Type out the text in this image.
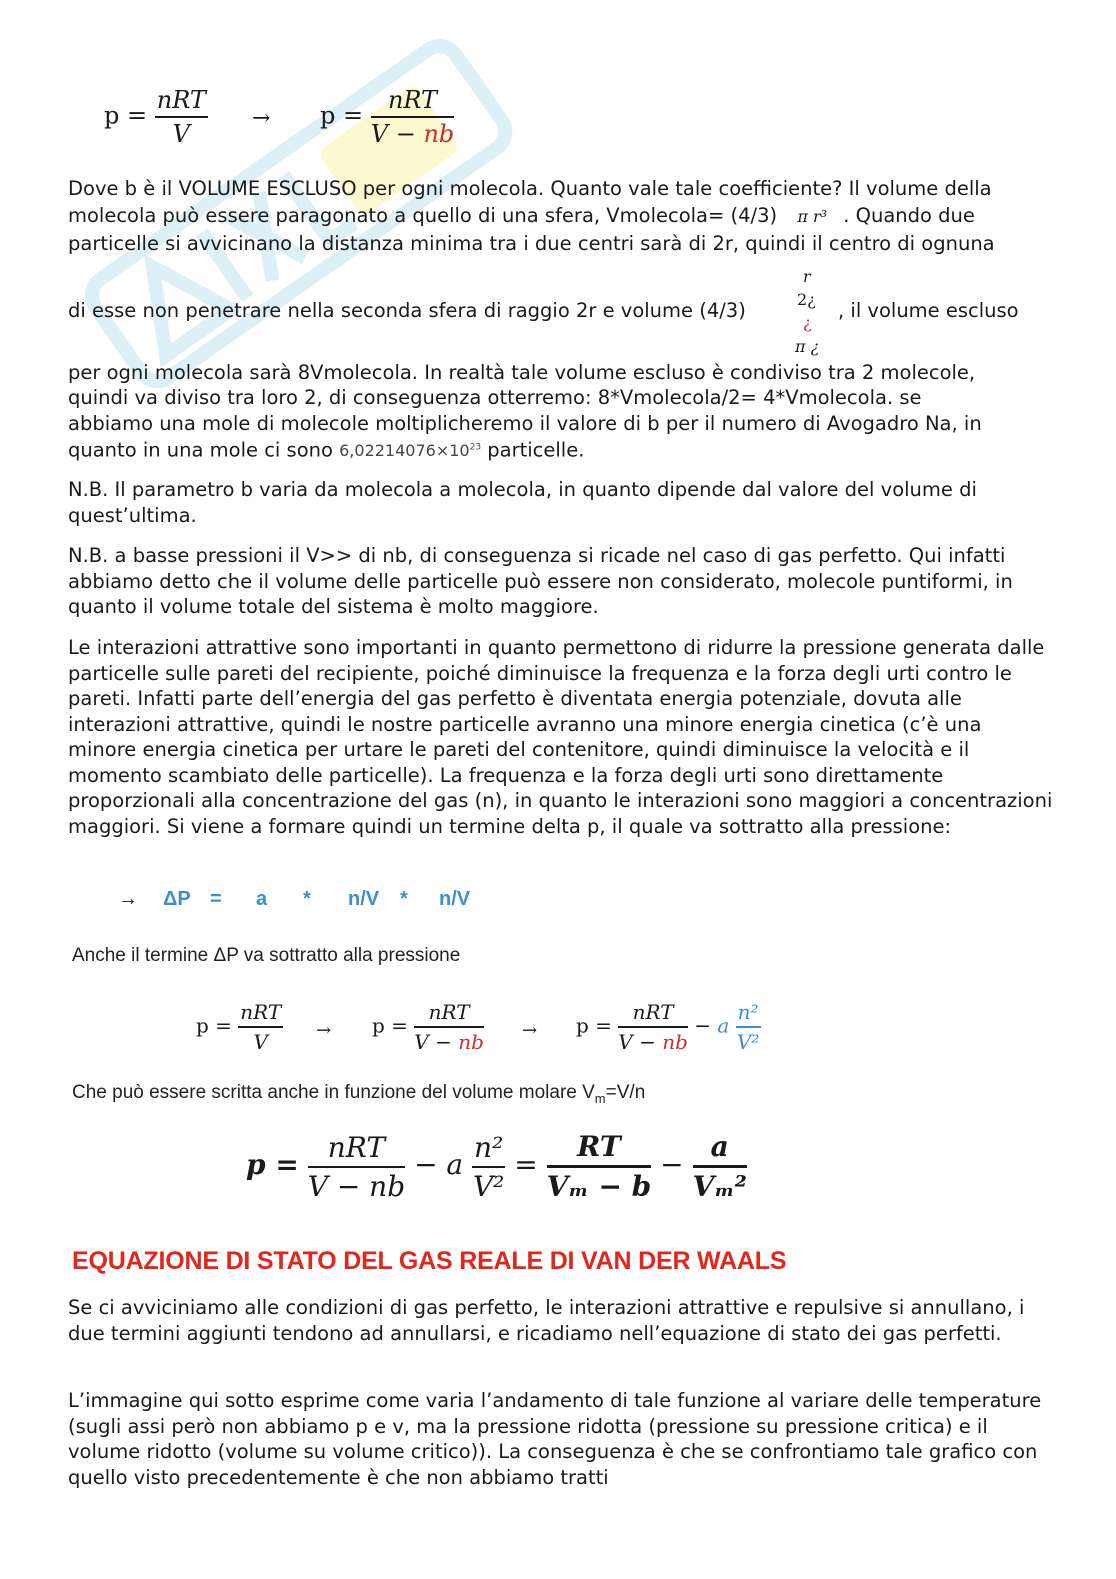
$p = \frac{\text{nRT}}{V} \to p = \frac{\text{nRT}}{V - nb}$

Dove b è il VOLUME ESCLUSO per ogni molecola. Quanto vale tale coefficiente? Il volume della

molecola può essere paragonato a quello di una sfera, Vmolecola= (4/3) π r³ . Quando due

particelle si avvicinano la distanza minima tra i due centri sarà di 2r, quindi il centro di ognuna

r

di esse non penetrare nella seconda sfera di raggio 2r e volume (4/3)	2¿
¿
π ¿

, il volume escluso

per ogni molecola sarà 8Vmolecola. In realtà tale volume escluso è condiviso tra 2 molecole,

quindi va diviso tra loro 2, di conseguenza otterremo: 8*Vmolecola/2= 4*Vmolecola. se

abbiamo una mole di molecole moltiplicheremo il valore di b per il numero di Avogadro Na, in

quanto in una mole ci sono $6,02214076\times 10^{23}$ particelle.

N.B. Il parametro b varia da molecola a molecola, in quanto dipende dal valore del volume di quest’ultima.

N.B. a basse pressioni il V>> di nb, di conseguenza si ricade nel caso di gas perfetto. Qui infatti abbiamo detto che il volume delle particelle può essere non considerato, molecole puntiformi, in quanto il volume totale del sistema è molto maggiore.

Le interazioni attrattive sono importanti in quanto permettono di ridurre la pressione generata dalle particelle sulle pareti del recipiente, poiché diminuisce la frequenza e la forza degli urti contro le pareti. Infatti parte dell’energia del gas perfetto è diventata energia potenziale, dovuta alle interazioni attrattive, quindi le nostre particelle avranno una minore energia cinetica (c’è una minore energia cinetica per urtare le pareti del contenitore, quindi diminuisce la velocità e il momento scambiato delle particelle). La frequenza e la forza degli urti sono direttamente proporzionali alla concentrazione del gas (n), in quanto le interazioni sono maggiori a concentrazioni maggiori. Si viene a formare quindi un termine delta p, il quale va sottratto alla pressione:

→ ΔP = a * n/V * n/V
Anche il termine ΔP va sottratto alla pressione
$p = \frac{\text{nRT}}{V} \to p = \frac{\text{nRT}}{V - nb} \to p = \frac{\text{nRT}}{V - nb} - a \frac{\text{n²}}{\text{V²}}$
Che può essere scritta anche in funzione del volume molare $V_m=V/n$
$p = \frac{\text{nRT}}{V - nb} - a \frac{\text{n²}}{\text{V²}} = \frac{RT}{\text{Vₘ − b}} - \frac{a}{\text{Vₘ²}}$
EQUAZIONE DI STATO DEL GAS REALE DI VAN DER WAALS

Se ci avviciniamo alle condizioni di gas perfetto, le interazioni attrattive e repulsive si annullano, i due termini aggiunti tendono ad annullarsi, e ricadiamo nell’equazione di stato dei gas perfetti.

L’immagine qui sotto esprime come varia l’andamento di tale funzione al variare delle temperature (sugli assi però non abbiamo p e v, ma la pressione ridotta (pressione su pressione critica) e il volume ridotto (volume su volume critico)). La conseguenza è che se confrontiamo tale grafico con quello visto precedentemente è che non abbiamo tratti
